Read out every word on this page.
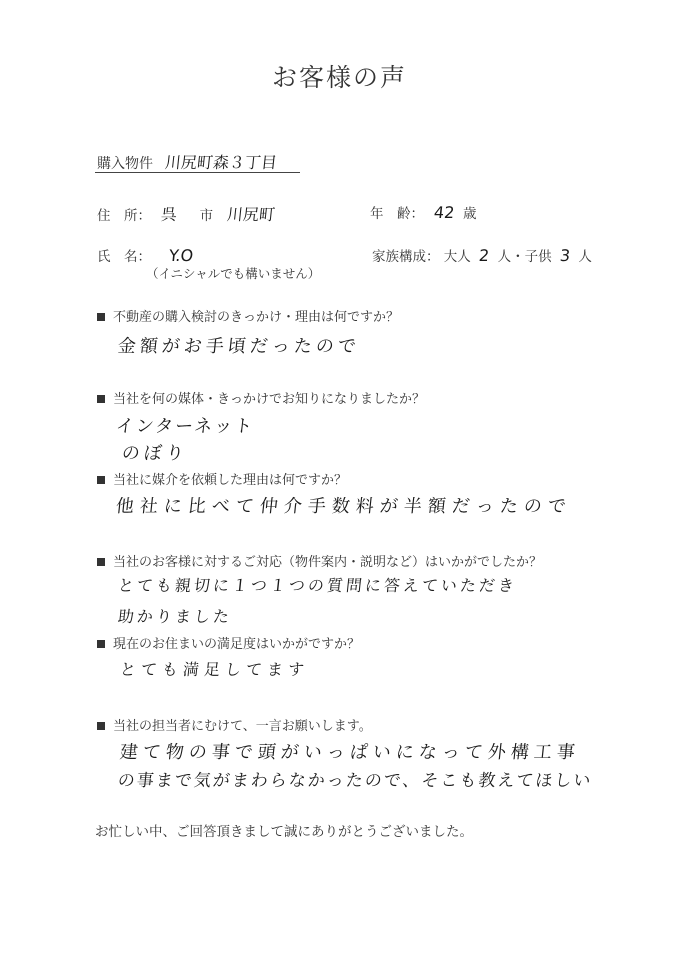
お客様の声
購入物件 川尻町森３丁目
住　所： 呉 市 川尻町	年　齢： 42 歳
氏　名： Y.O
（イニシャルでも構いません）
家族構成： 大人 2 人・子供 3 人
不動産の購入検討のきっかけ・理由は何ですか？
金額がお手頃だったので
当社を何の媒体・きっかけでお知りになりましたか？
インターネット
のぼり
当社に媒介を依頼した理由は何ですか？
他社に比べて仲介手数料が半額だったので
当社のお客様に対するご対応（物件案内・説明など）はいかがでしたか？
とても親切に１つ１つの質問に答えていただき
助かりました
現在のお住まいの満足度はいかがですか？
とても満足してます
当社の担当者にむけて、一言お願いします。
建て物の事で頭がいっぱいになって外構工事
の事まで気がまわらなかったので、そこも教えてほしい
お忙しい中、ご回答頂きまして誠にありがとうございました。
